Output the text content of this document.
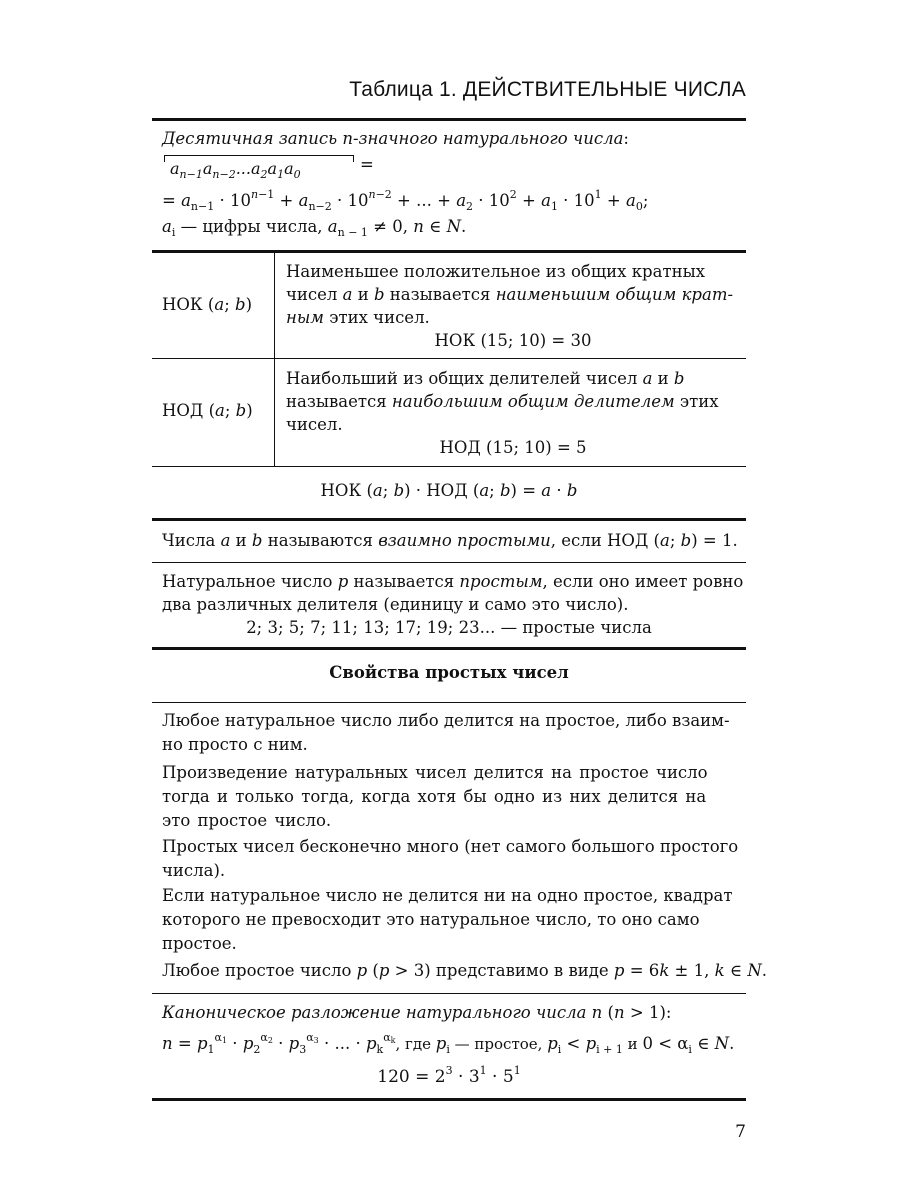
Таблица 1. ДЕЙСТВИТЕЛЬНЫЕ ЧИСЛА
Десятичная запись n-значного натурального числа:
$a_{n-1}a_{n-2}...a_2a_1a_0$
=
= $a_{n-1} \cdot 10^{n-1} + a_{n-2} \cdot 10^{n-2}$ + ... + $a_2 \cdot 10^2 + a_1 \cdot 10^1 + a_0$;
$a_i$ — цифры числа, $a_{n - 1} \ne 0$, n ∈ N.
НОК (a; b)
Наименьшее положительное из общих кратных
чисел a и b называется наименьшим общим крат-
ным этих чисел.
НОК (15; 10) = 30
НОД (a; b)
Наибольший из общих делителей чисел a и b
называется наибольшим общим делителем этих
чисел.
НОД (15; 10) = 5
НОК (a; b) · НОД (a; b) = a · b
Числа a и b называются взаимно простыми, если НОД (a; b) = 1.
Натуральное число p называется простым, если оно имеет ровно
два различных делителя (единицу и само это число).
2; 3; 5; 7; 11; 13; 17; 19; 23... — простые числа
Свойства простых чисел
Любое натуральное число либо делится на простое, либо взаим-
но просто с ним.
Произведение натуральных чисел делится на простое число
тогда и только тогда, когда хотя бы одно из них делится на
это простое число.
Простых чисел бесконечно много (нет самого большого простого
числа).
Если натуральное число не делится ни на одно простое, квадрат
которого не превосходит это натуральное число, то оно само
простое.
Любое простое число p (p > 3) представимо в виде p = 6k ± 1, k ∈ N.
Каноническое разложение натурального числа n (n > 1):
$n = p_1^{\alpha_1} \cdot p_2^{\alpha_2} \cdot p_3^{\alpha_3}$ · ... · $p_k^{\alpha_k}$, где $p_i$ — простое, $p_i < p_{i + 1}$ и $0 < \alpha_i$ ∈ N.
$120 = 2^3 \cdot 3^1 \cdot 5^1$
7
